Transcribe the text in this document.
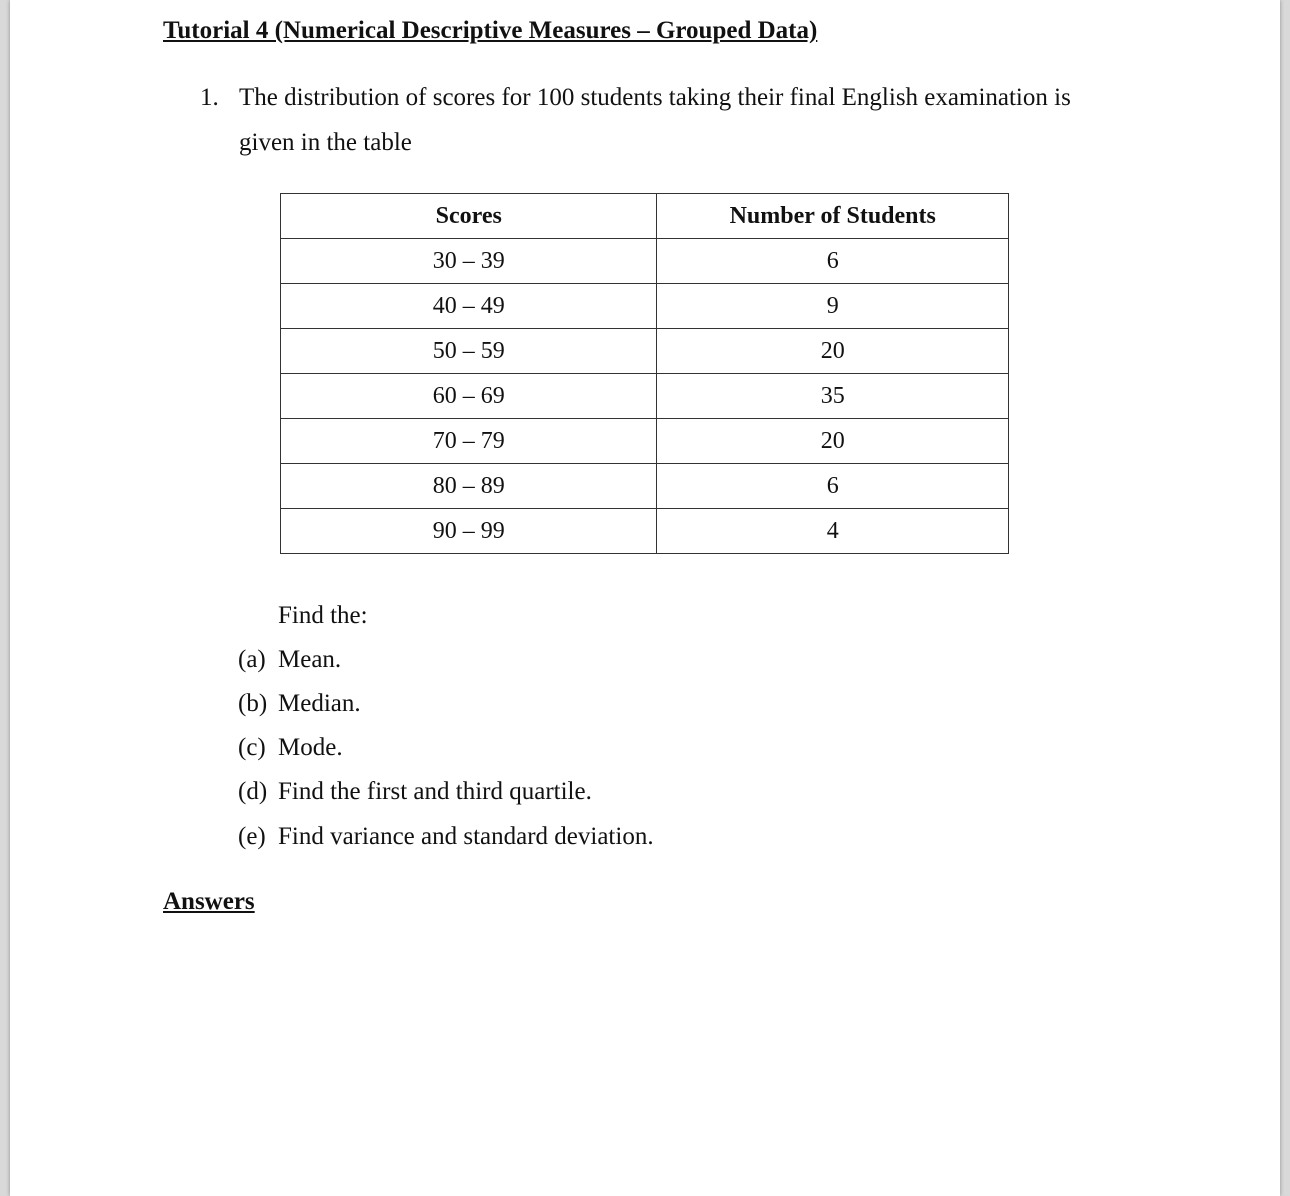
Tutorial 4 (Numerical Descriptive Measures – Grouped Data)
1. The distribution of scores for 100 students taking their final English examination is
given in the table
Scores	Number of Students
30 – 39	6
40 – 49	9
50 – 59	20
60 – 69	35
70 – 79	20
80 – 89	6
90 – 99	4
Find the:
(a) Mean.
(b) Median.
(c) Mode.
(d) Find the first and third quartile.
(e) Find variance and standard deviation.
Answers
